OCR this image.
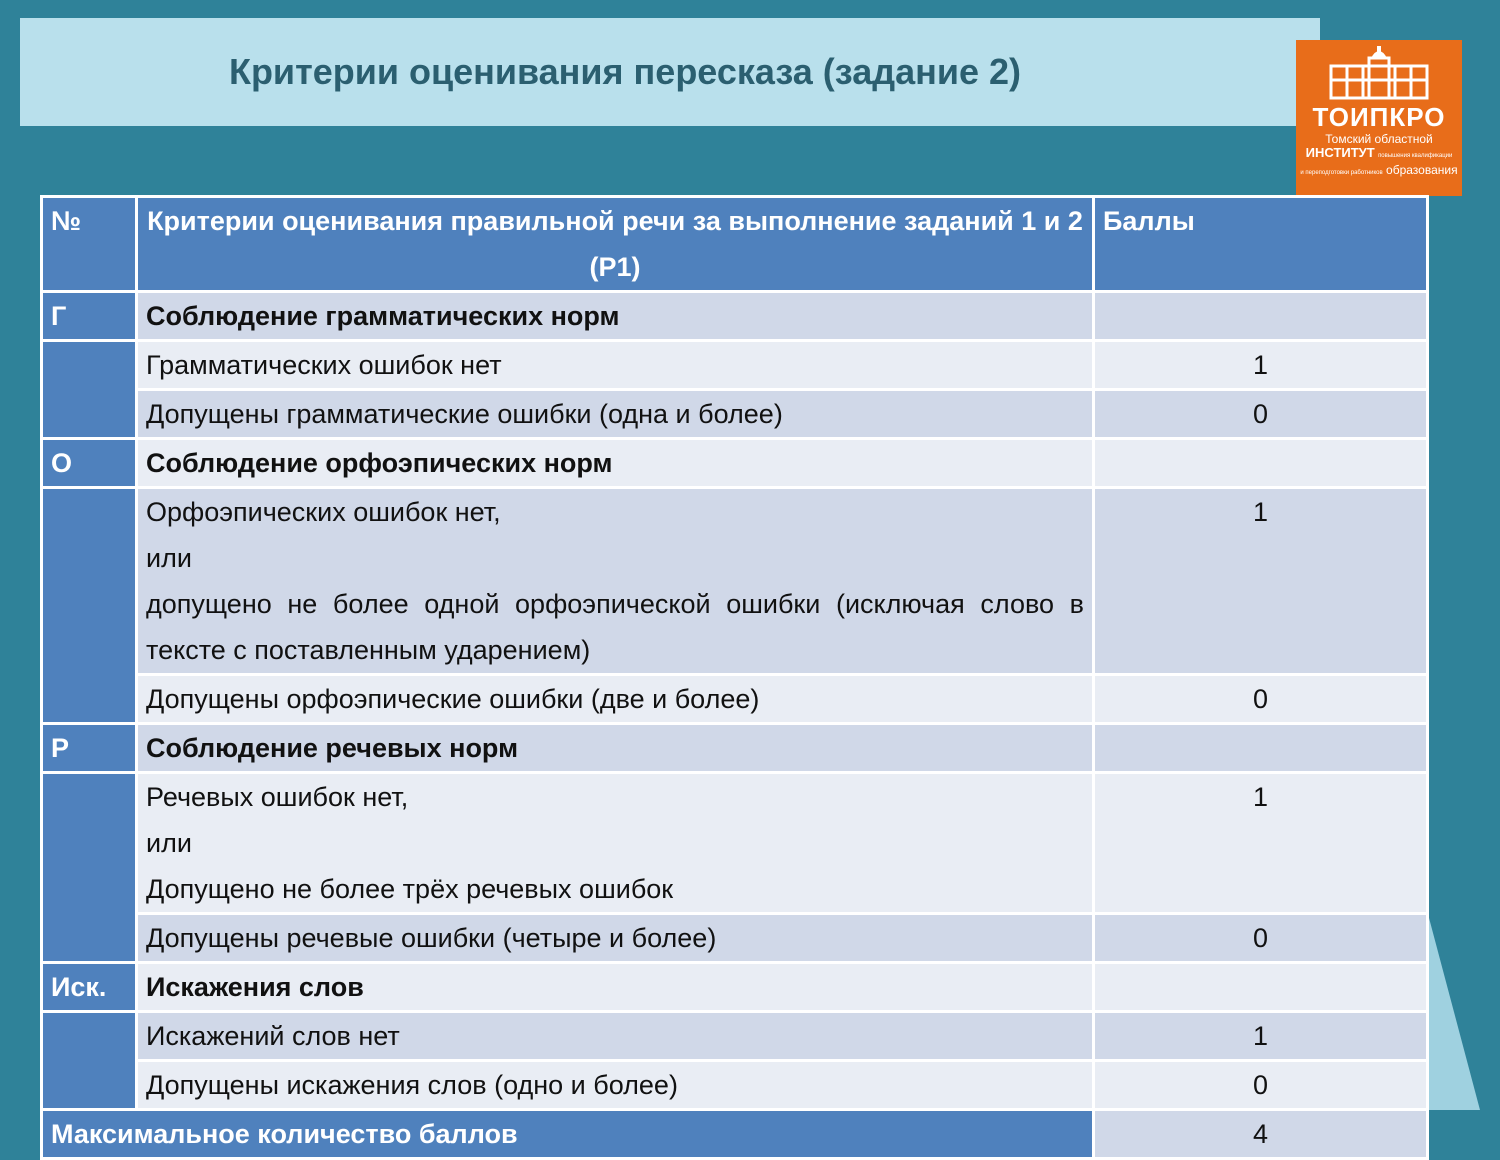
Критерии оценивания пересказа (задание 2)
ТОИПКРО
Томский областной
ИНСТИТУТ повышения квалификации
и переподготовки работников образования
№	Критерии оценивания правильной речи за выполнение заданий 1 и 2 (Р1)	Баллы
Г	Соблюдение грамматических норм	

	Грамматических ошибок нет	1

	Допущены грамматические ошибки (одна и более)	0
О	Соблюдение орфоэпических норм	

	Орфоэпических ошибок нет,
или
допущено не более одной орфоэпической ошибки (исключая слово в тексте с поставленным ударением)	1

	Допущены орфоэпические ошибки (две и более)	0
Р	Соблюдение речевых норм	

	Речевых ошибок нет,
или
Допущено не более трёх речевых ошибок	1

	Допущены речевые ошибки (четыре и более)	0
Иск.	Искажения слов	

	Искажений слов нет	1

	Допущены искажения слов (одно и более)	0
Максимальное количество баллов		4
